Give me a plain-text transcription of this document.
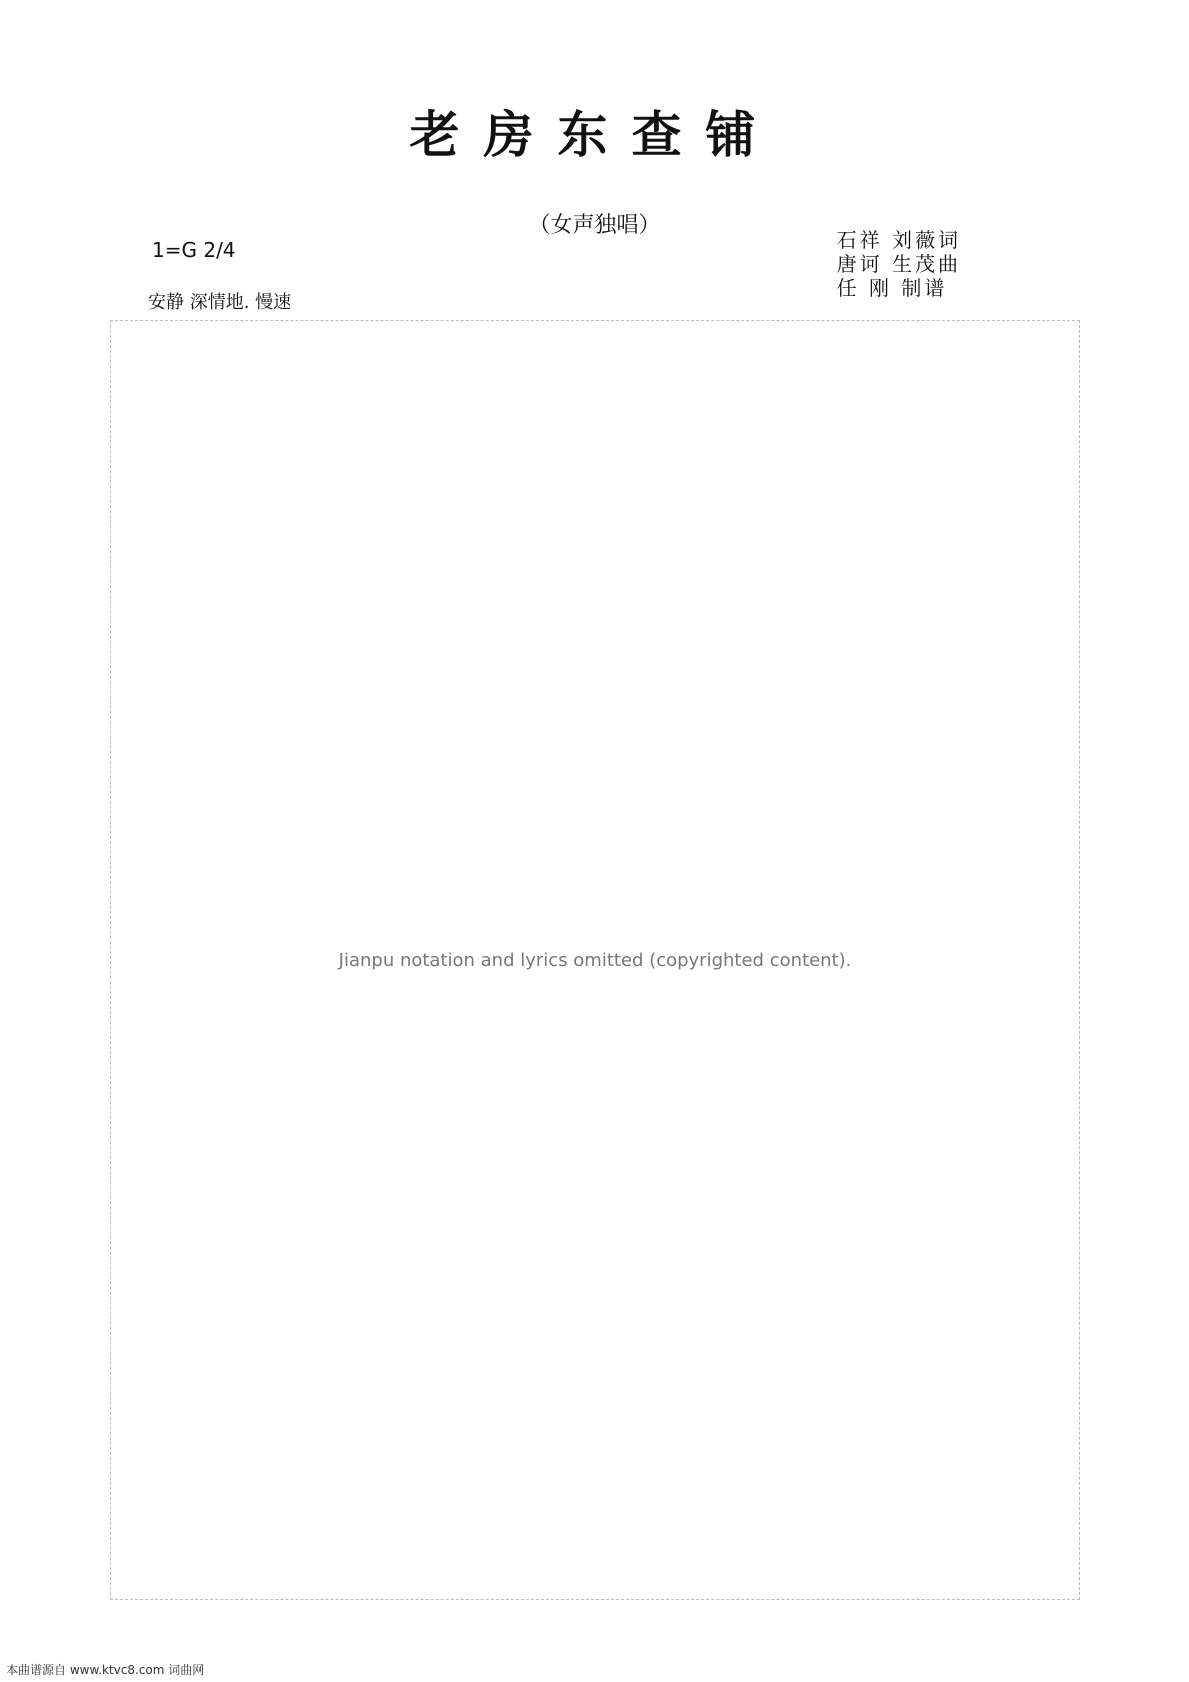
老房东查铺
（女声独唱）
石祥 刘薇词
唐诃 生茂曲
任 刚 制谱
1=G 2/4
安静 深情地. 慢速
Jianpu notation and lyrics omitted (copyrighted content).
本曲谱源自 www.ktvc8.com 词曲网
